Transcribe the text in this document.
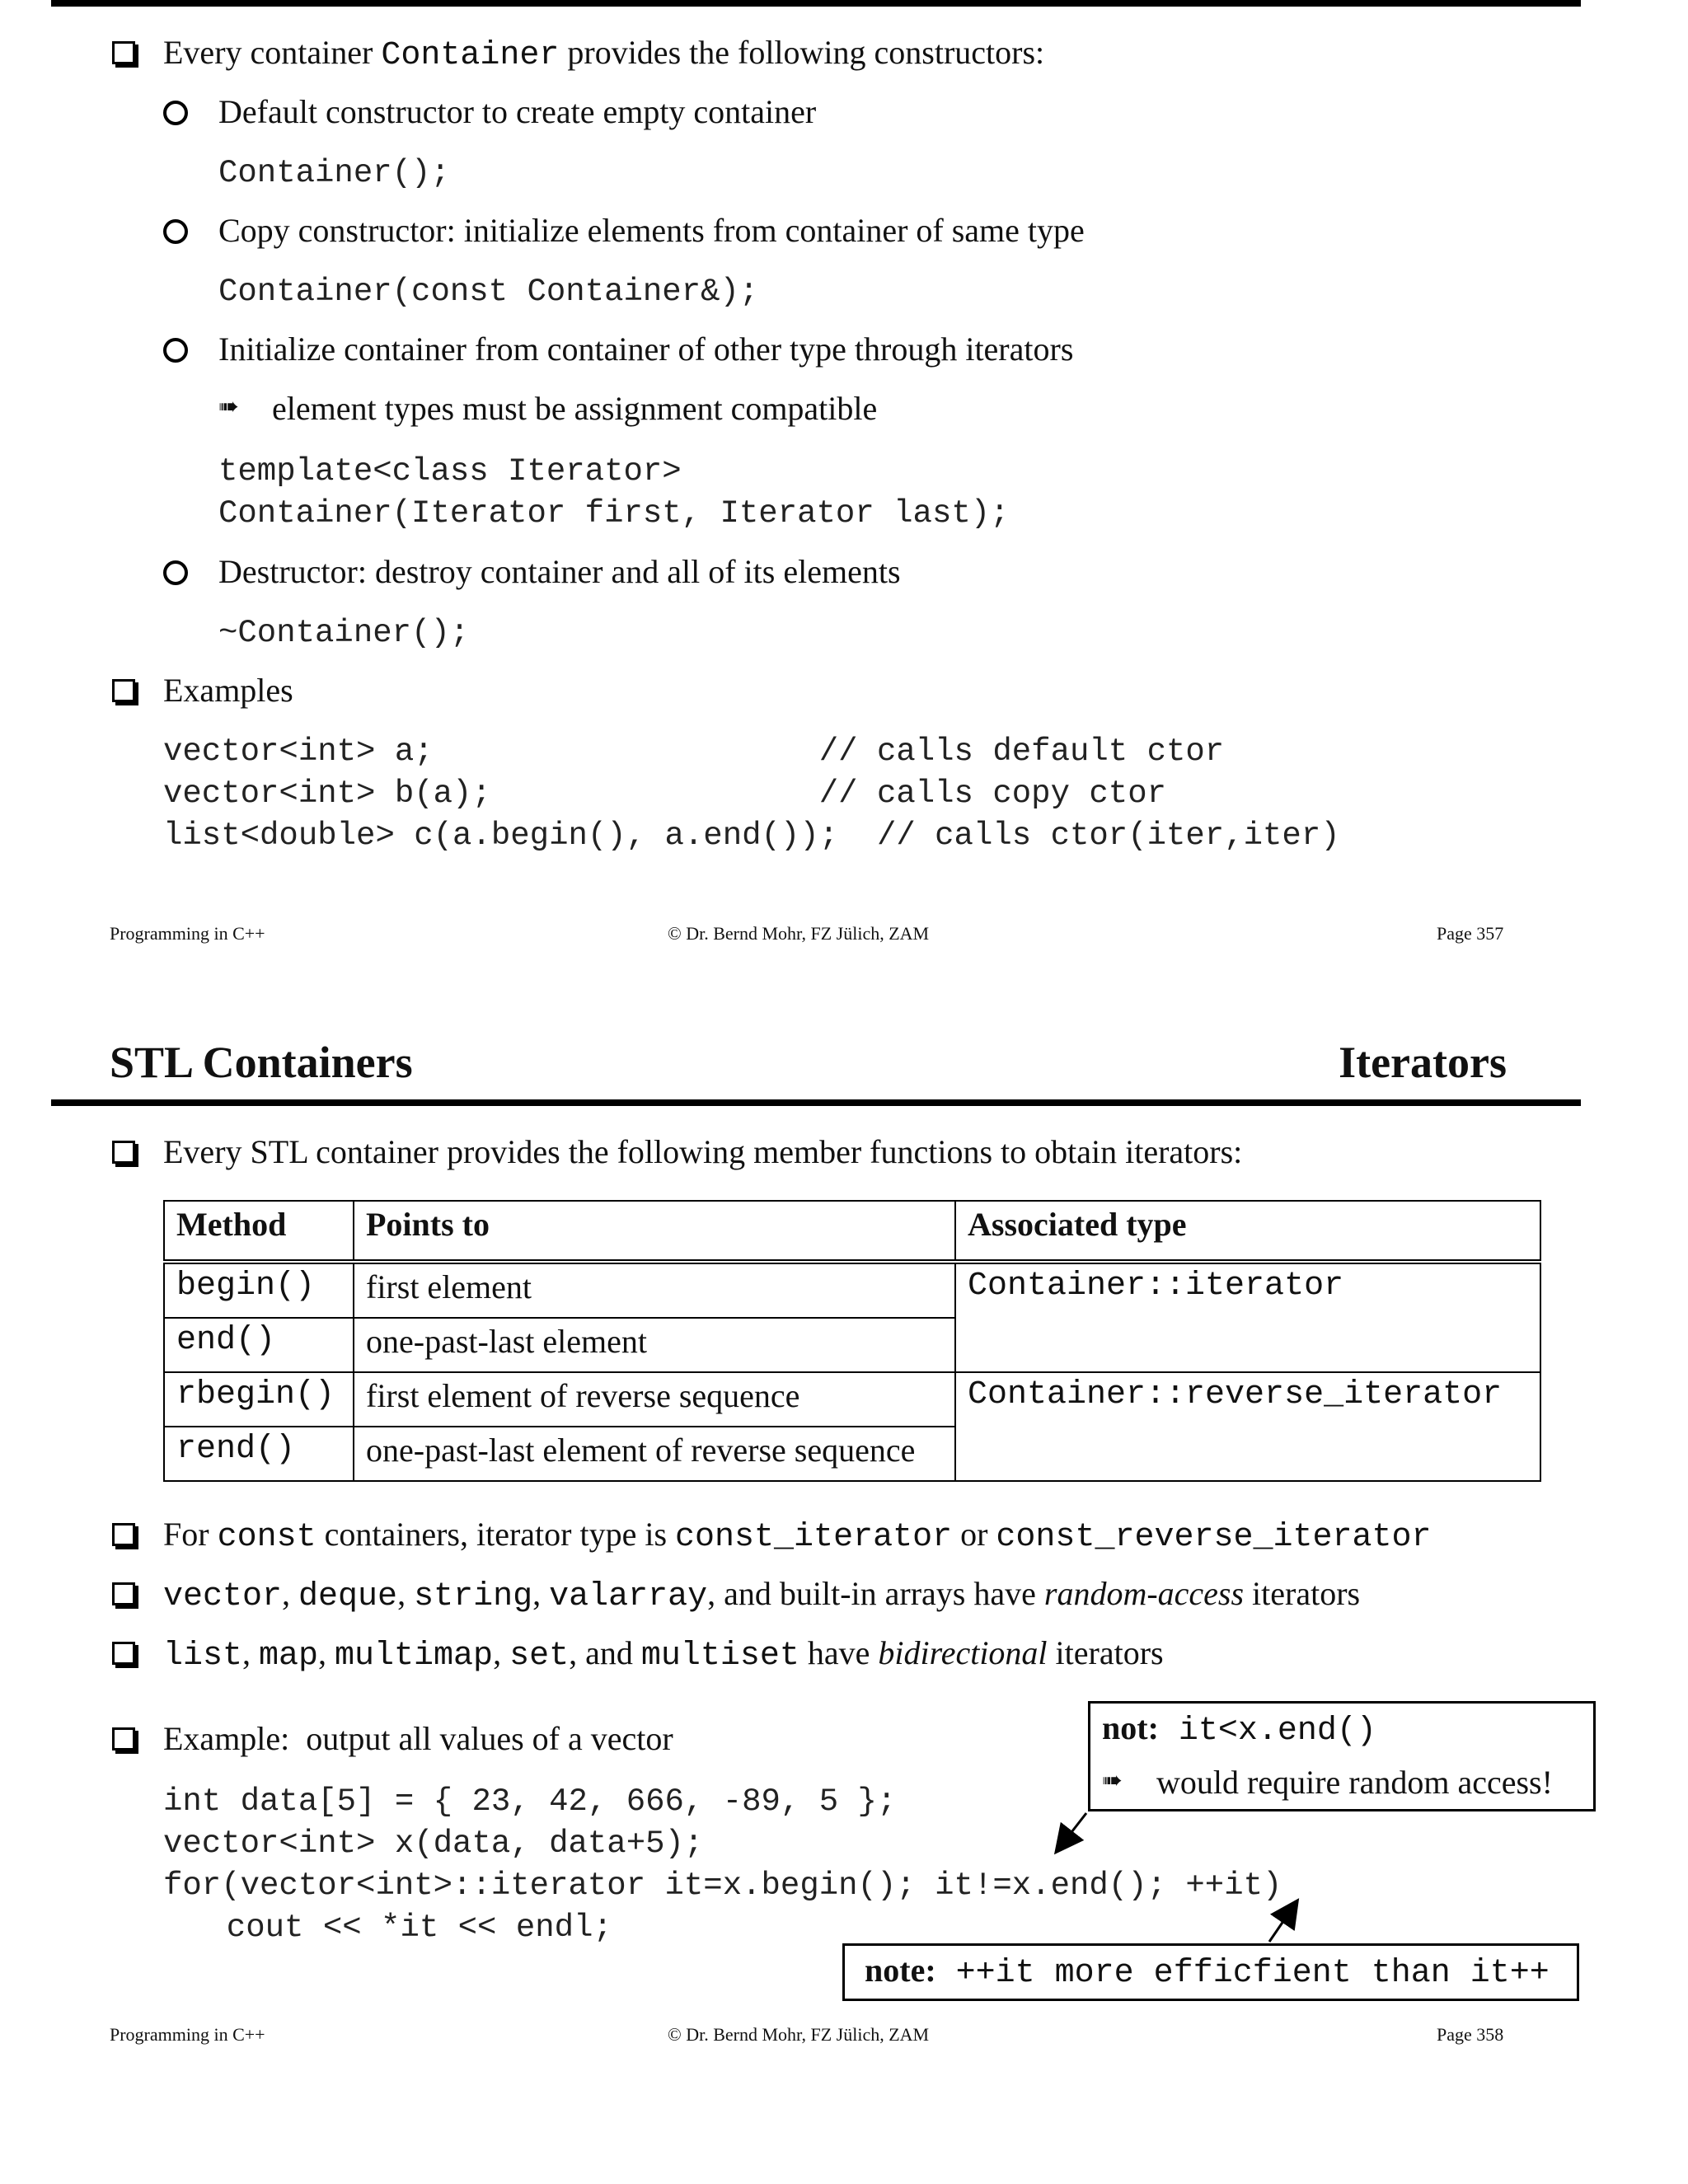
Every container Container provides the following constructors:
Default constructor to create empty container
Container();
Copy constructor: initialize elements from container of same type
Container(const Container&);
Initialize container from container of other type through iterators
➠ element types must be assignment compatible
template<class Iterator>
Container(Iterator first, Iterator last);
Destructor: destroy container and all of its elements
~Container();
Examples
vector<int> a;                    // calls default ctor
vector<int> b(a);                 // calls copy ctor
list<double> c(a.begin(), a.end());  // calls ctor(iter,iter)
Programming in C++	© Dr. Bernd Mohr, FZ Jülich, ZAM	Page 357
STL Containers	Iterators
Every STL container provides the following member functions to obtain iterators:
Method	Points to	Associated type
begin()	first element	Container::iterator
end()	one-past-last element	
rbegin()	first element of reverse sequence	Container::reverse_iterator
rend()	one-past-last element of reverse sequence	
For const containers, iterator type is const_iterator or const_reverse_iterator
vector, deque, string, valarray, and built-in arrays have random-access iterators
list, map, multimap, set, and multiset have bidirectional iterators
Example:  output all values of a vector
int data[5] = { 23, 42, 666, -89, 5 };
vector<int> x(data, data+5);
for(vector<int>::iterator it=x.begin(); it!=x.end(); ++it)
cout << *it << endl;
not: it<x.end()
➠ would require random access!
note: ++it more efficfient than it++
Programming in C++	© Dr. Bernd Mohr, FZ Jülich, ZAM	Page 358
